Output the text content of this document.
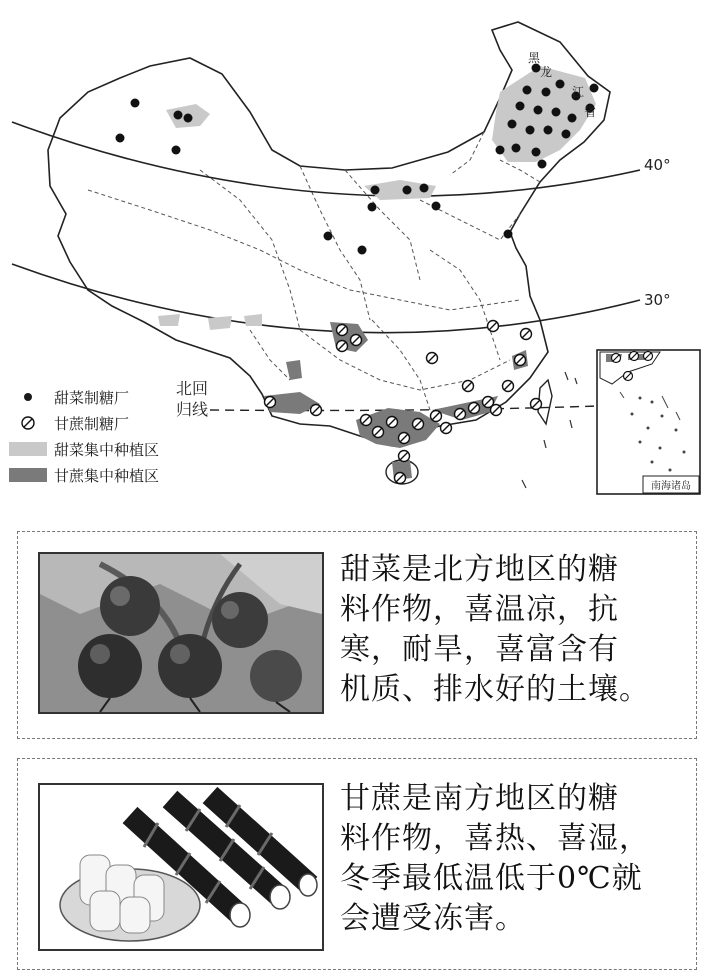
南海诸岛
40°
30°
北回
归线
黑
龙
江
省
甜菜制糖厂
甘蔗制糖厂
甜菜集中种植区
甘蔗集中种植区
甜菜是北方地区的糖
料作物，喜温凉，抗
寒，耐旱，喜富含有
机质、排水好的土壤。
甘蔗是南方地区的糖
料作物，喜热、喜湿，
冬季最低温低于0℃就
会遭受冻害。
